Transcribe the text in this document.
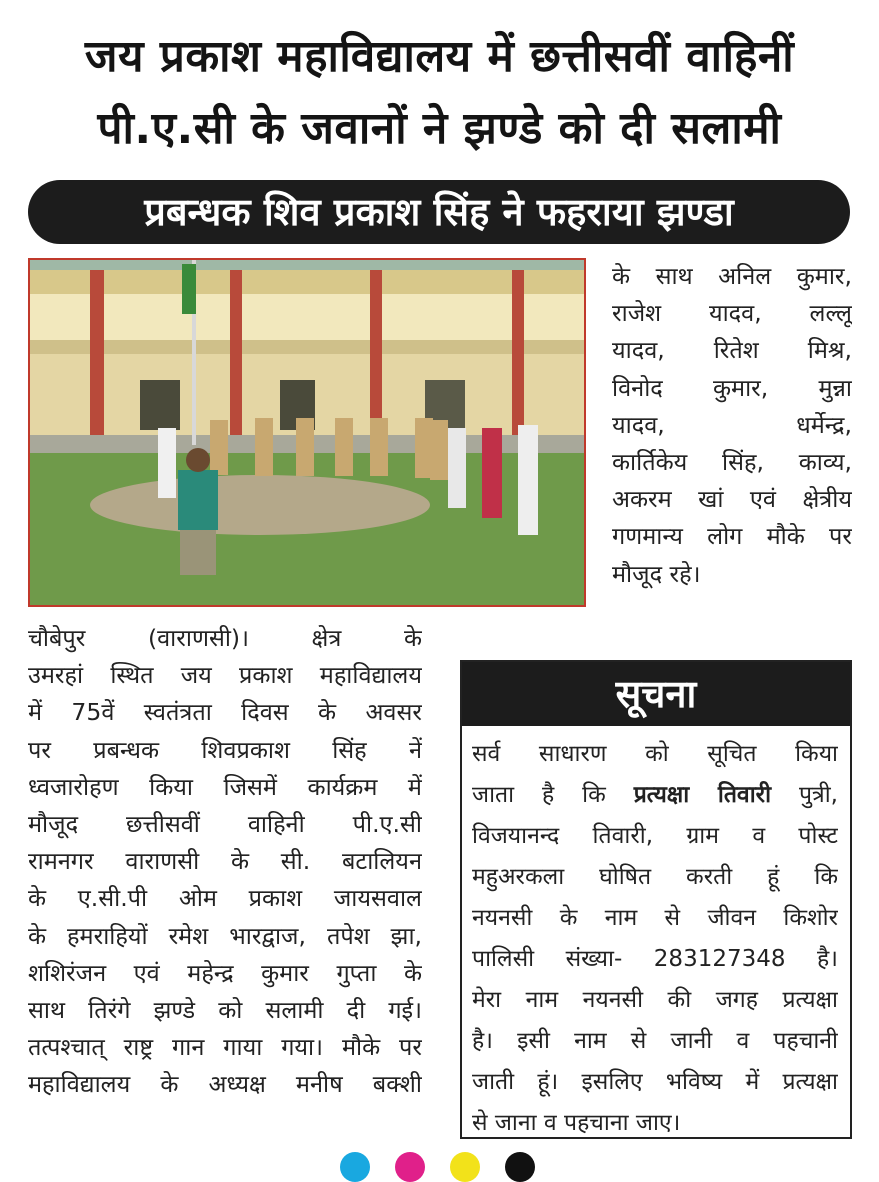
जय प्रकाश महाविद्यालय में छत्तीसवीं वाहिनीं
पी.ए.सी के जवानों ने झण्डे को दी सलामी
प्रबन्धक शिव प्रकाश सिंह ने फहराया झण्डा
के साथ अनिल कुमार,
राजेश यादव, लल्लू
यादव, रितेश मिश्र,
विनोद कुमार, मुन्ना
यादव, धर्मेन्द्र,
कार्तिकेय सिंह, काव्य,
अकरम खां एवं क्षेत्रीय
गणमान्य लोग मौके पर
मौजूद रहे।
चौबेपुर (वाराणसी)। क्षेत्र के
उमरहां स्थित जय प्रकाश महाविद्यालय
में 75वें स्वतंत्रता दिवस के अवसर
पर प्रबन्धक शिवप्रकाश सिंह नें
ध्वजारोहण किया जिसमें कार्यक्रम में
मौजूद छत्तीसवीं वाहिनी पी.ए.सी
रामनगर वाराणसी के सी. बटालियन
के ए.सी.पी ओम प्रकाश जायसवाल
के हमराहियों रमेश भारद्वाज, तपेश झा,
शशिरंजन एवं महेन्द्र कुमार गुप्ता के
साथ तिरंगे झण्डे को सलामी दी गई।
तत्पश्चात् राष्ट्र गान गाया गया। मौके पर
महाविद्यालय के अध्यक्ष मनीष बक्शी
सूचना
सर्व साधारण को सूचित किया
जाता है कि प्रत्यक्षा तिवारी पुत्री,
विजयानन्द तिवारी, ग्राम व पोस्ट
महुअरकला घोषित करती हूं कि
नयनसी के नाम से जीवन किशोर
पालिसी संख्या- 283127348 है।
मेरा नाम नयनसी की जगह प्रत्यक्षा
है। इसी नाम से जानी व पहचानी
जाती हूं। इसलिए भविष्य में प्रत्यक्षा
से जाना व पहचाना जाए।
